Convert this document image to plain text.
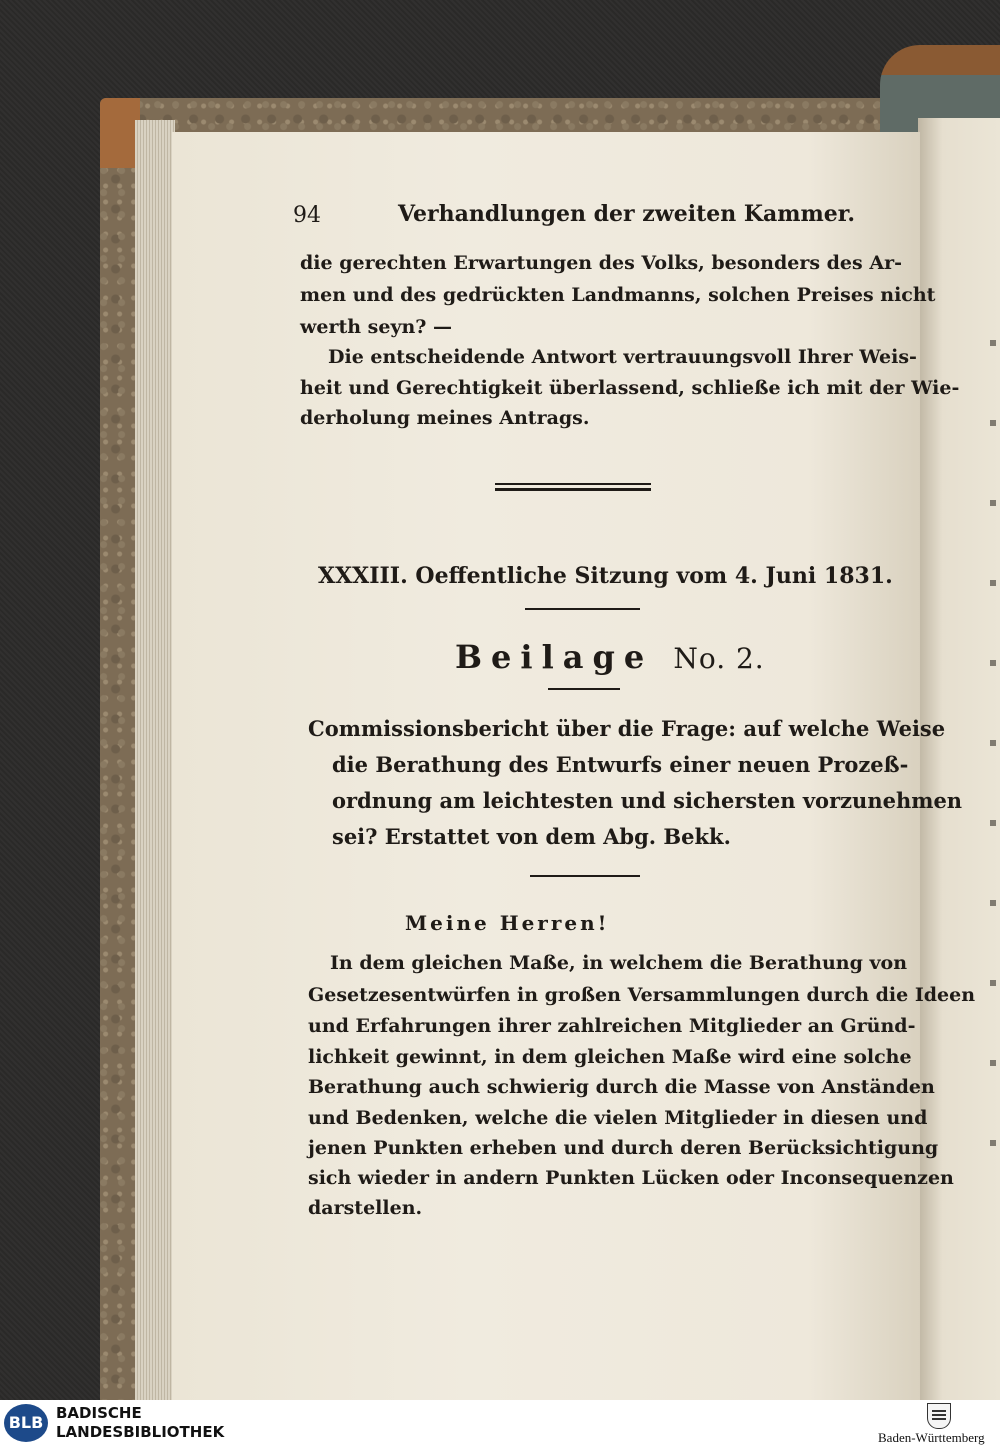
94	Verhandlungen der zweiten Kammer.
die gerechten Erwartungen des Volks, besonders des Ar-
men und des gedrückten Landmanns, solchen Preises nicht
werth seyn? —
Die entscheidende Antwort vertrauungsvoll Ihrer Weis-
heit und Gerechtigkeit überlassend, schließe ich mit der Wie-
derholung meines Antrags.
XXXIII. Oeffentliche Sitzung vom 4. Juni 1831.
Beilage No. 2.
Commissionsbericht über die Frage: auf welche Weise
die Berathung des Entwurfs einer neuen Prozeß-
ordnung am leichtesten und sichersten vorzunehmen
sei? Erstattet von dem Abg. Bekk.
Meine Herren!
In dem gleichen Maße, in welchem die Berathung von
Gesetzesentwürfen in großen Versammlungen durch die Ideen
und Erfahrungen ihrer zahlreichen Mitglieder an Gründ-
lichkeit gewinnt, in dem gleichen Maße wird eine solche
Berathung auch schwierig durch die Masse von Anständen
und Bedenken, welche die vielen Mitglieder in diesen und
jenen Punkten erheben und durch deren Berücksichtigung
sich wieder in andern Punkten Lücken oder Inconsequenzen
darstellen.
BLB BADISCHE
LANDESBIBLIOTHEK	Baden-Württemberg
